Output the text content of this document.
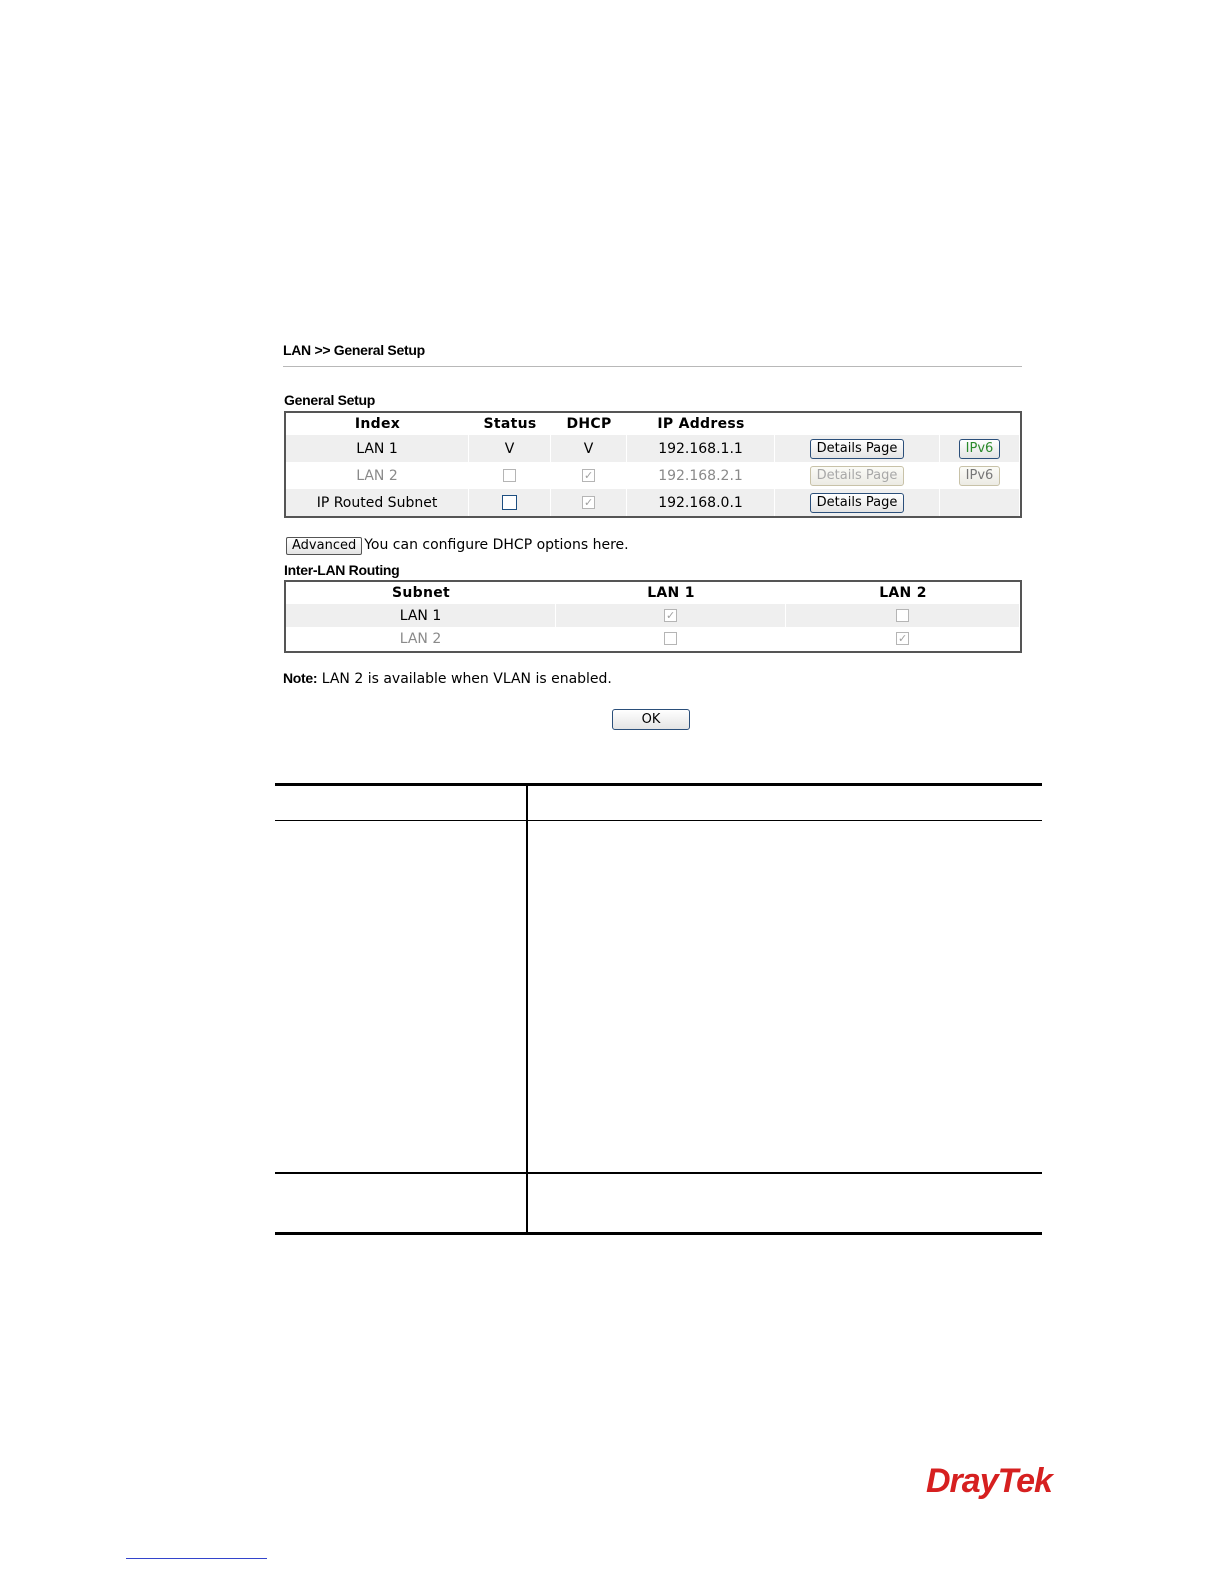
LAN >> General Setup
General Setup
Index	Status	DHCP	IP Address		
LAN 1	V	V	192.168.1.1	Details Page	IPv6
LAN 2		✓	192.168.2.1	Details Page	IPv6
IP Routed Subnet		✓	192.168.0.1	Details Page	
Advanced You can configure DHCP options here.
Inter-LAN Routing
Subnet	LAN 1	LAN 2
LAN 1	✓	

LAN 2		✓
Note: LAN 2 is available when VLAN is enabled.
OK
DrayTek
